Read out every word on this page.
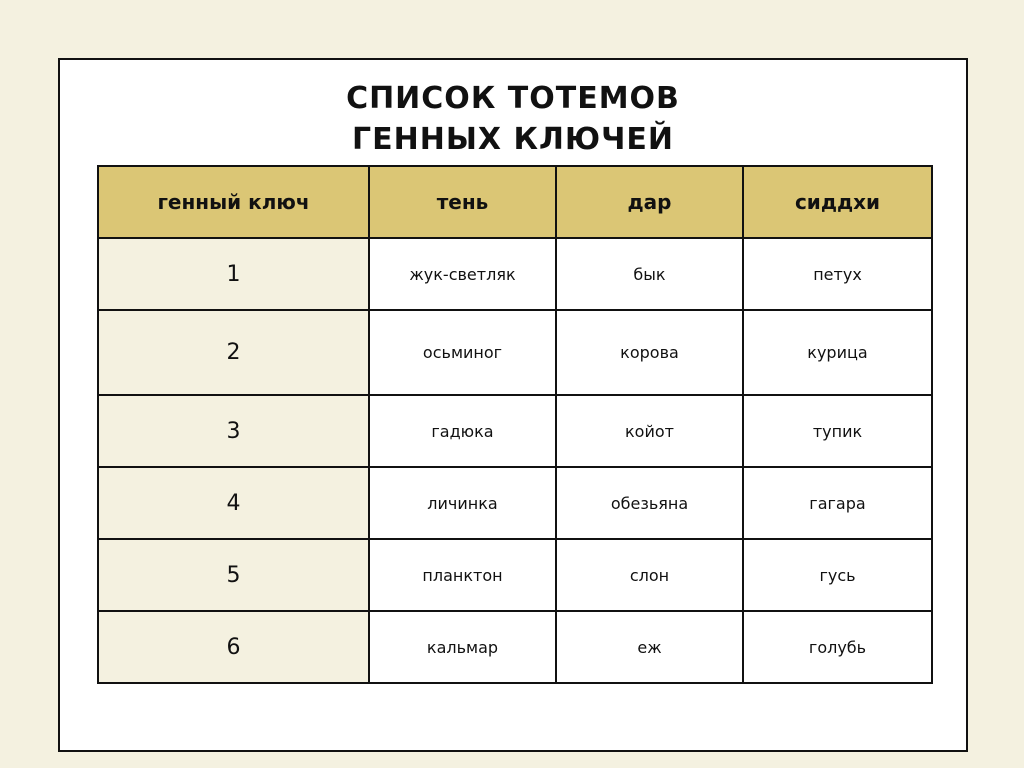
СПИСОК ТОТЕМОВ
ГЕННЫХ КЛЮЧЕЙ
генный ключ	тень	дар	сиддхи
1	жук-светляк	бык	петух
2	осьминог	корова	курица
3	гадюка	койот	тупик
4	личинка	обезьяна	гагара
5	планктон	слон	гусь
6	кальмар	еж	голубь
